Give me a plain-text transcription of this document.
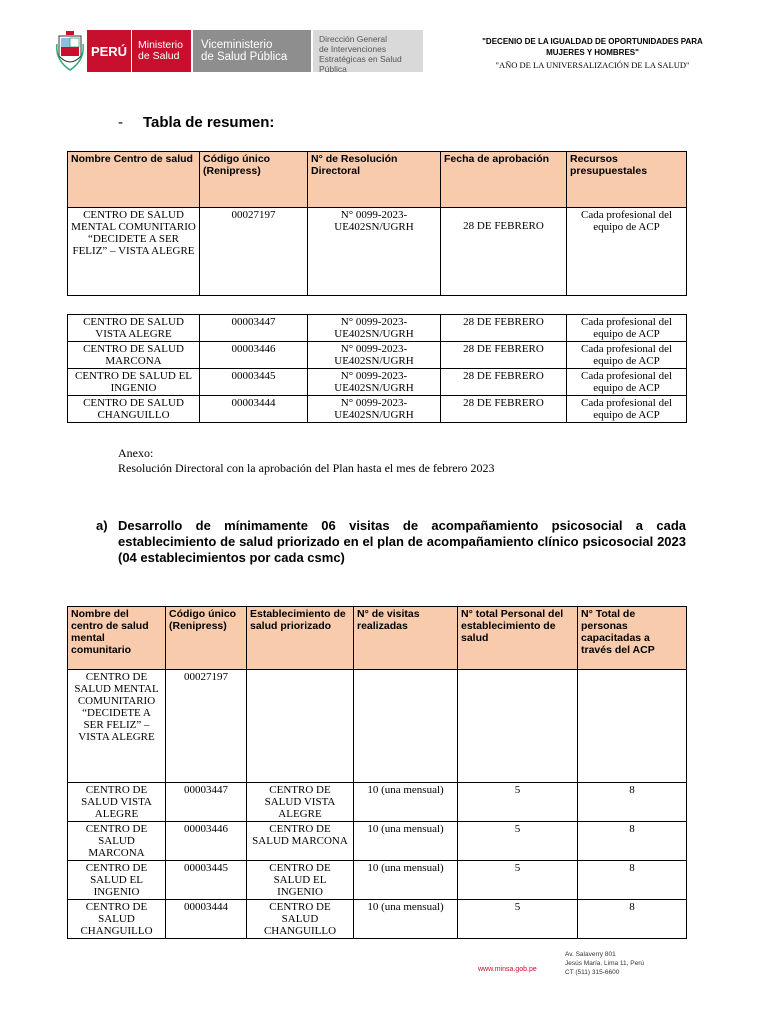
PERÚ	Ministerio
de Salud
Viceministerio
de Salud Pública
Dirección General
de Intervenciones
Estratégicas en Salud Pública
"DECENIO DE LA IGUALDAD DE OPORTUNIDADES PARA MUJERES Y HOMBRES"
"AÑO DE LA UNIVERSALIZACIÓN DE LA SALUD"
- Tabla de resumen:
Nombre Centro de salud	Código único (Renipress)	N° de Resolución Directoral	Fecha de aprobación	Recursos presupuestales
CENTRO DE SALUD MENTAL COMUNITARIO “DECIDETE A SER FELIZ” – VISTA ALEGRE	00027197	N° 0099-2023-UE402SN/UGRH	28 DE FEBRERO	Cada profesional del equipo de ACP
CENTRO DE SALUD VISTA ALEGRE	00003447	N° 0099-2023-UE402SN/UGRH	28 DE FEBRERO	Cada profesional del equipo de ACP
CENTRO DE SALUD MARCONA	00003446	N° 0099-2023-UE402SN/UGRH	28 DE FEBRERO	Cada profesional del equipo de ACP
CENTRO DE SALUD EL INGENIO	00003445	N° 0099-2023-UE402SN/UGRH	28 DE FEBRERO	Cada profesional del equipo de ACP
CENTRO DE SALUD CHANGUILLO	00003444	N° 0099-2023-UE402SN/UGRH	28 DE FEBRERO	Cada profesional del equipo de ACP
Anexo:
Resolución Directoral con la aprobación del Plan hasta el mes de febrero 2023
a) Desarrollo de mínimamente 06 visitas de acompañamiento psicosocial a cada establecimiento de salud priorizado en el plan de acompañamiento clínico psicosocial 2023 (04 establecimientos por cada csmc)
Nombre del centro de salud mental comunitario	Código único (Renipress)	Establecimiento de salud priorizado	N° de visitas realizadas	N° total Personal del establecimiento de salud	N° Total de personas capacitadas a través del ACP
CENTRO DE SALUD MENTAL COMUNITARIO “DECIDETE A SER FELIZ” – VISTA ALEGRE	00027197				
CENTRO DE SALUD VISTA ALEGRE	00003447	CENTRO DE SALUD VISTA ALEGRE	10 (una mensual)	5	8
CENTRO DE SALUD MARCONA	00003446	CENTRO DE SALUD MARCONA	10 (una mensual)	5	8
CENTRO DE SALUD EL INGENIO	00003445	CENTRO DE SALUD EL INGENIO	10 (una mensual)	5	8
CENTRO DE SALUD CHANGUILLO	00003444	CENTRO DE SALUD CHANGUILLO	10 (una mensual)	5	8
www.minsa.gob.pe
Av. Salaverry 801
Jesús María. Lima 11, Perú
CT (511) 315-6600
